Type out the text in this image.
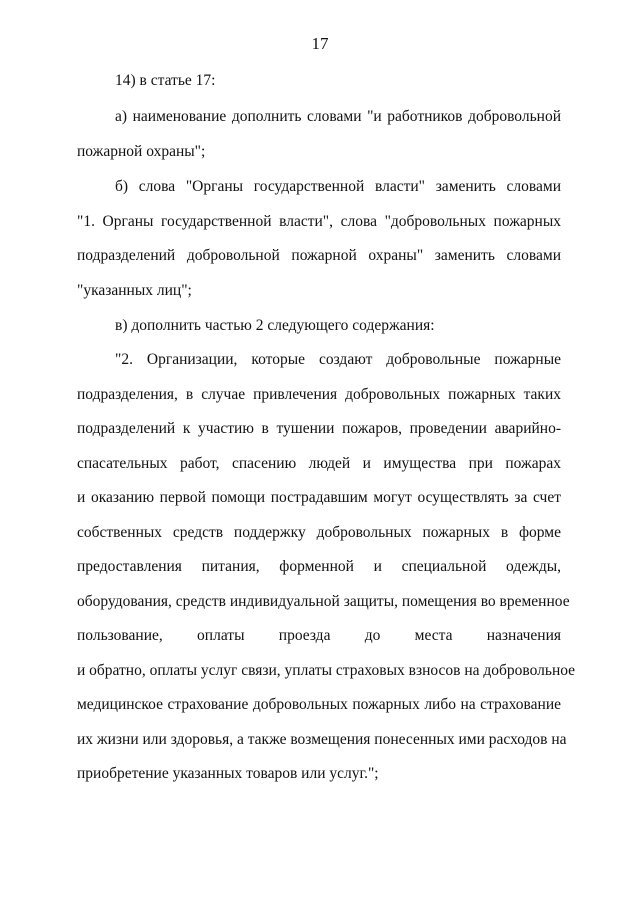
17
14) в статье 17:
а) наименование дополнить словами "и работников добровольной
пожарной охраны";
б) слова "Органы государственной власти" заменить словами
"1. Органы государственной власти", слова "добровольных пожарных
подразделений добровольной пожарной охраны" заменить словами
"указанных лиц";
в) дополнить частью 2 следующего содержания:
"2. Организации, которые создают добровольные пожарные
подразделения, в случае привлечения добровольных пожарных таких
подразделений к участию в тушении пожаров, проведении аварийно-
спасательных работ, спасению людей и имущества при пожарах
и оказанию первой помощи пострадавшим могут осуществлять за счет
собственных средств поддержку добровольных пожарных в форме
предоставления питания, форменной и специальной одежды,
оборудования, средств индивидуальной защиты, помещения во временное
пользование, оплаты проезда до места назначения
и обратно, оплаты услуг связи, уплаты страховых взносов на добровольное
медицинское страхование добровольных пожарных либо на страхование
их жизни или здоровья, а также возмещения понесенных ими расходов на
приобретение указанных товаров или услуг.";
